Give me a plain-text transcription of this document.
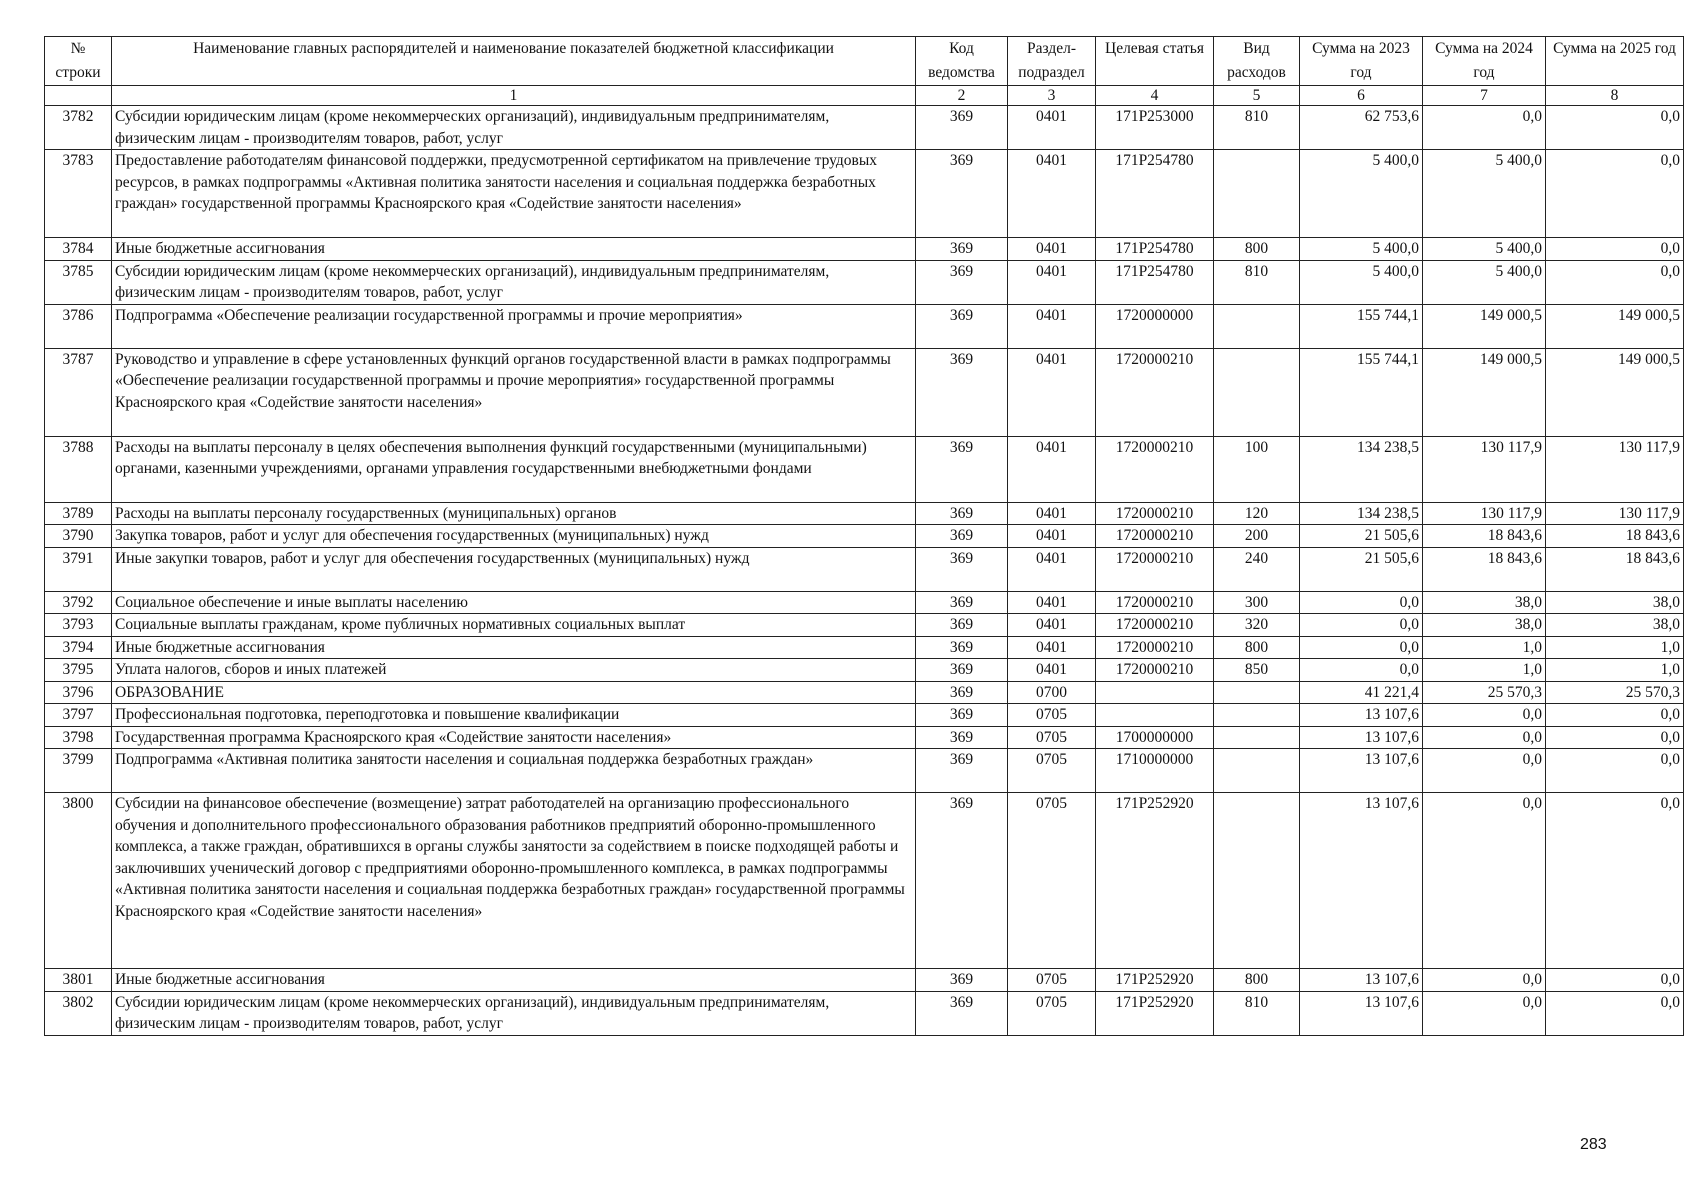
№ строки	Наименование главных распорядителей и наименование показателей бюджетной классификации	Код ведомства	Раздел-подраздел	Целевая статья	Вид расходов	Сумма на 2023 год	Сумма на 2024 год	Сумма на 2025 год
	1	2	3	4	5	6	7	8
3782	Субсидии юридическим лицам (кроме некоммерческих организаций), индивидуальным предпринимателям, физическим лицам - производителям товаров, работ, услуг	369	0401	171P253000	810	62 753,6	0,0	0,0
3783	Предоставление работодателям финансовой поддержки, предусмотренной сертификатом на привлечение трудовых ресурсов, в рамках подпрограммы «Активная политика занятости населения и социальная поддержка безработных граждан» государственной программы Красноярского края «Содействие занятости населения»	369	0401	171P254780		5 400,0	5 400,0	0,0
3784	Иные бюджетные ассигнования	369	0401	171P254780	800	5 400,0	5 400,0	0,0
3785	Субсидии юридическим лицам (кроме некоммерческих организаций), индивидуальным предпринимателям, физическим лицам - производителям товаров, работ, услуг	369	0401	171P254780	810	5 400,0	5 400,0	0,0
3786	Подпрограмма «Обеспечение реализации государственной программы и прочие мероприятия»	369	0401	1720000000		155 744,1	149 000,5	149 000,5
3787	Руководство и управление в сфере установленных функций органов государственной власти в рамках подпрограммы «Обеспечение реализации государственной программы и прочие мероприятия» государственной программы Красноярского края «Содействие занятости населения»	369	0401	1720000210		155 744,1	149 000,5	149 000,5
3788	Расходы на выплаты персоналу в целях обеспечения выполнения функций государственными (муниципальными) органами, казенными учреждениями, органами управления государственными внебюджетными фондами	369	0401	1720000210	100	134 238,5	130 117,9	130 117,9
3789	Расходы на выплаты персоналу государственных (муниципальных) органов	369	0401	1720000210	120	134 238,5	130 117,9	130 117,9
3790	Закупка товаров, работ и услуг для обеспечения государственных (муниципальных) нужд	369	0401	1720000210	200	21 505,6	18 843,6	18 843,6
3791	Иные закупки товаров, работ и услуг для обеспечения государственных (муниципальных) нужд	369	0401	1720000210	240	21 505,6	18 843,6	18 843,6
3792	Социальное обеспечение и иные выплаты населению	369	0401	1720000210	300	0,0	38,0	38,0
3793	Социальные выплаты гражданам, кроме публичных нормативных социальных выплат	369	0401	1720000210	320	0,0	38,0	38,0
3794	Иные бюджетные ассигнования	369	0401	1720000210	800	0,0	1,0	1,0
3795	Уплата налогов, сборов и иных платежей	369	0401	1720000210	850	0,0	1,0	1,0
3796	ОБРАЗОВАНИЕ	369	0700			41 221,4	25 570,3	25 570,3
3797	Профессиональная подготовка, переподготовка и повышение квалификации	369	0705			13 107,6	0,0	0,0
3798	Государственная программа Красноярского края «Содействие занятости населения»	369	0705	1700000000		13 107,6	0,0	0,0
3799	Подпрограмма «Активная политика занятости населения и социальная поддержка безработных граждан»	369	0705	1710000000		13 107,6	0,0	0,0
3800	Субсидии на финансовое обеспечение (возмещение) затрат работодателей на организацию профессионального обучения и дополнительного профессионального образования работников предприятий оборонно-промышленного комплекса, а также граждан, обратившихся в органы службы занятости за содействием в поиске подходящей работы и заключивших ученический договор с предприятиями оборонно-промышленного комплекса, в рамках подпрограммы «Активная политика занятости населения и социальная поддержка безработных граждан» государственной программы Красноярского края «Содействие занятости населения»	369	0705	171P252920		13 107,6	0,0	0,0
3801	Иные бюджетные ассигнования	369	0705	171P252920	800	13 107,6	0,0	0,0
3802	Субсидии юридическим лицам (кроме некоммерческих организаций), индивидуальным предпринимателям, физическим лицам - производителям товаров, работ, услуг	369	0705	171P252920	810	13 107,6	0,0	0,0
283
